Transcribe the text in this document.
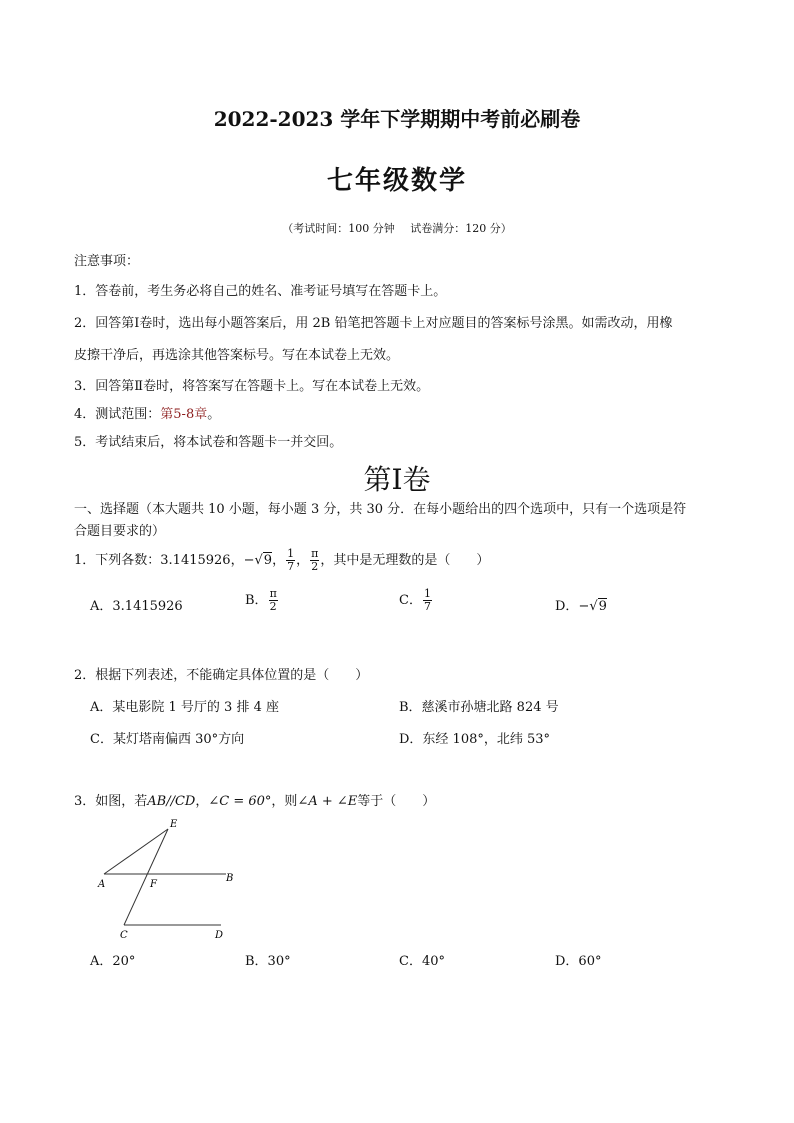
2022-2023 学年下学期期中考前必刷卷
七年级数学
（考试时间：100 分钟 试卷满分：120 分）
注意事项：
1．答卷前，考生务必将自己的姓名、准考证号填写在答题卡上。
2．回答第Ⅰ卷时，选出每小题答案后，用 2B 铅笔把答题卡上对应题目的答案标号涂黑。如需改动，用橡
皮擦干净后，再选涂其他答案标号。写在本试卷上无效。
3．回答第Ⅱ卷时，将答案写在答题卡上。写在本试卷上无效。
4．测试范围：第5-8章。
5．考试结束后，将本试卷和答题卡一并交回。
第Ⅰ卷
一、选择题（本大题共 10 小题，每小题 3 分，共 30 分．在每小题给出的四个选项中，只有一个选项是符
合题目要求的）
1．下列各数：3.1415926，−√9， $\frac{1}{7}$ ， $\frac{\pi}{2}$ ，其中是无理数的是（　　）
A．3.1415926	B． $\frac{\pi}{2}$	C． $\frac{1}{7}$	D．−√9
2．根据下列表述，不能确定具体位置的是（　　）
A．某电影院 1 号厅的 3 排 4 座	B．慈溪市孙塘北路 824 号
C．某灯塔南偏西 30°方向	D．东经 108°，北纬 53°
3．如图，若AB//CD，∠C = 60°，则∠A + ∠E等于（　　）
E
A	F
B
C	D
A．20°	B．30°	C．40°	D．60°
